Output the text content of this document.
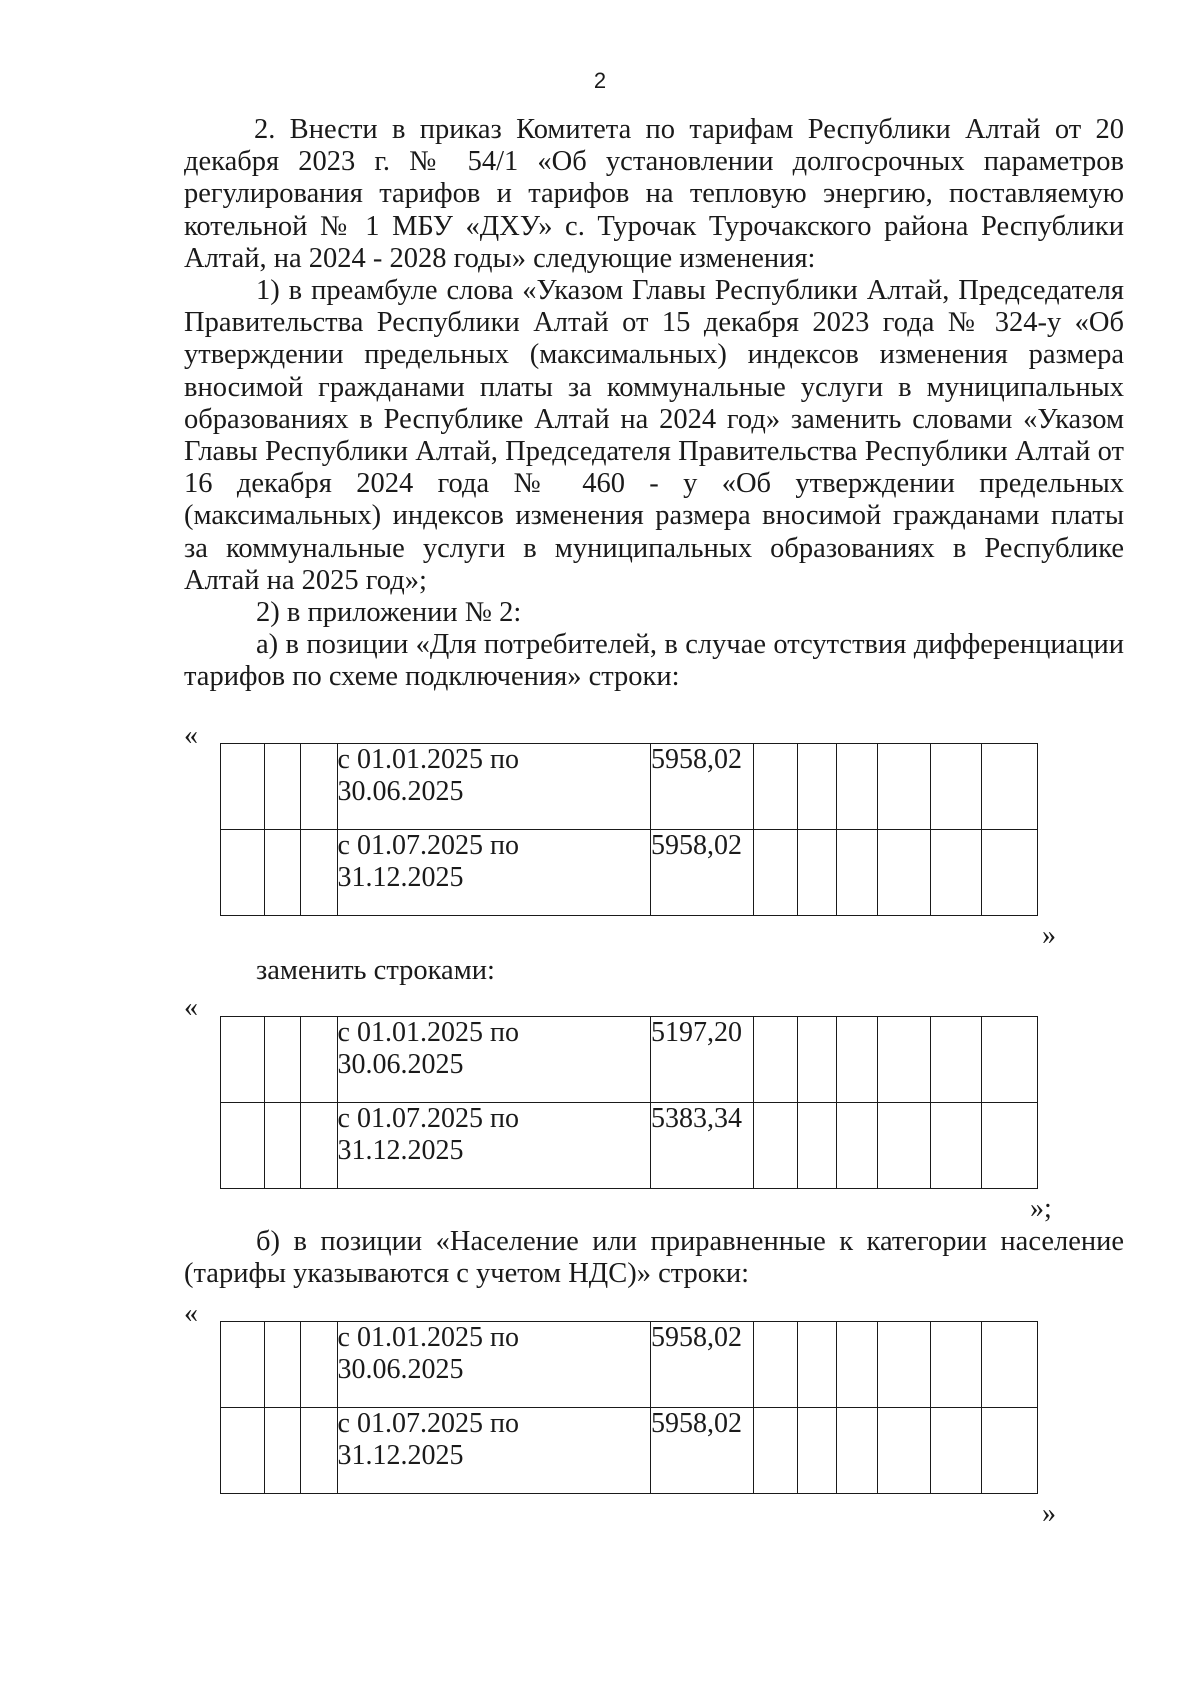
2

2. Внести в приказ Комитета по тарифам Республики Алтай от 20 декабря 2023 г. № 54/1 «Об установлении долгосрочных параметров регулирования тарифов и тарифов на тепловую энергию, поставляемую котельной № 1 МБУ «ДХУ» с. Турочак Турочакского района Республики Алтай, на 2024 - 2028 годы» следующие изменения:

1) в преамбуле слова «Указом Главы Республики Алтай, Председателя Правительства Республики Алтай от 15 декабря 2023 года № 324-у «Об утверждении предельных (максимальных) индексов изменения размера вносимой гражданами платы за коммунальные услуги в муниципальных образованиях в Республике Алтай на 2024 год» заменить словами «Указом Главы Республики Алтай, Председателя Правительства Республики Алтай от 16 декабря 2024 года № 460 - у «Об утверждении предельных (максимальных) индексов изменения размера вносимой гражданами платы за коммунальные услуги в муниципальных образованиях в Республике Алтай на 2025 год»;

2) в приложении № 2:

а) в позиции «Для потребителей, в случае отсутствия дифференциации тарифов по схеме подключения» строки:

«
			с 01.01.2025 по 30.06.2025	5958,02						
			с 01.07.2025 по 31.12.2025	5958,02						
»
заменить строками:
«
			с 01.01.2025 по 30.06.2025	5197,20						
			с 01.07.2025 по 31.12.2025	5383,34						
»;

б) в позиции «Население или приравненные к категории население (тарифы указываются с учетом НДС)» строки:

«
			с 01.01.2025 по 30.06.2025	5958,02						
			с 01.07.2025 по 31.12.2025	5958,02						
»
